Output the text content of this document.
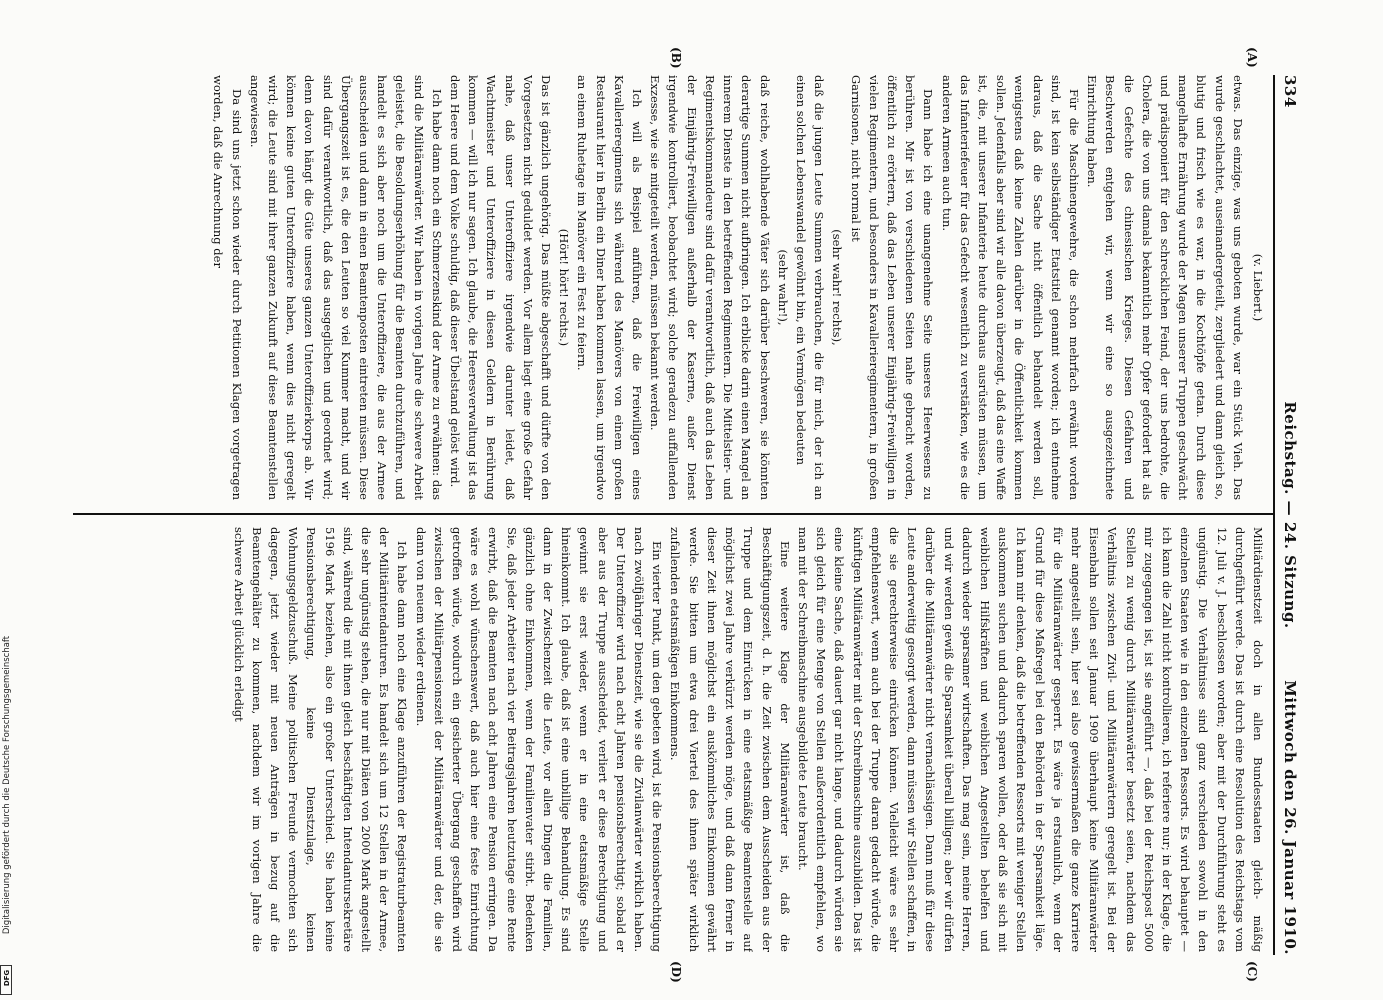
334
Reichstag. — 24. Sitzung.
Mittwoch den 26. Januar 1910.
(A)
(B)
(C)
(D)
(v. Liebert.)

etwas. Das einzige, was uns geboten wurde, war ein Stück Vieh. Das wurde geschlachtet, auseinandergeteilt, zergliedert und dann gleich so, blutig und frisch wie es war, in die Kochtöpfe getan. Durch diese mangelhafte Ernährung wurde der Magen unserer Truppen geschwächt und prädisponiert für den schrecklichen Feind, der uns bedrohte, die Cholera, die von uns damals bekanntlich mehr Opfer gefordert hat als die Gefechte des chinesischen Krieges. Diesen Gefahren und Beschwerden entgehen wir, wenn wir eine so ausgezeichnete Einrichtung haben.

Für die Maschinengewehre, die schon mehrfach erwähnt worden sind, ist kein selbständiger Etatstitel genannt worden; ich entnehme daraus, daß die Sache nicht öffentlich behandelt werden soll, wenigstens daß keine Zahlen darüber in die Öffentlichkeit kommen sollen. Jedenfalls aber sind wir alle davon überzeugt, daß das eine Waffe ist, die, mit unserer Infanterie heute durchaus ausrüsten müssen, um das Infanteriefeuer für das Gefecht wesentlich zu verstärken, wie es die anderen Armeen auch tun.

Dann habe ich eine unangenehme Seite unseres Heerwesens zu berühren. Mir ist von verschiedenen Seiten nahe gebracht worden, öffentlich zu erörtern, daß das Leben unserer Einjährig-Freiwilligen in vielen Regimentern, und besonders in Kavallerieregimentern, in großen Garnisonen, nicht normal ist

(sehr wahr! rechts),

daß die jungen Leute Summen verbrauchen, die für mich, der ich an einen solchen Lebenswandel gewöhnt bin, ein Vermögen bedeuten

(sehr wahr!),

daß reiche, wohlhabende Väter sich darüber beschweren, sie könnten derartige Summen nicht aufbringen. Ich erblicke darin einen Mangel an innerem Dienste in den betreffenden Regimentern. Die Mittelstier- und Regimentskommandeure sind dafür verantwortlich, daß auch das Leben der Einjährig-Freiwilligen außerhalb der Kaserne, außer Dienst irgendwie kontrolliert, beobachtet wird; solche geradezu auffallenden Exzesse, wie sie mitgeteilt werden, müssen bekannt werden.

Ich will als Beispiel anführen, daß die Freiwilligen eines Kavallerieregiments sich während des Manövers von einem großen Restaurant hier in Berlin ein Diner haben kommen lassen, um irgendwo an einem Ruhetage im Manöver ein Fest zu feiern.

(Hört! hört! rechts.)

Das ist gänzlich ungehörig. Das müßte abgeschafft und dürfte von den Vorgesetzten nicht geduldet werden. Vor allem liegt eine große Gefahr nahe, daß unser Unteroffiziere irgendwie darunter leidet, daß Wachtmeister und Unteroffiziere in diesen Geldern in Berührung kommen — will ich nur sagen. Ich glaube, die Heeresverwaltung ist das dem Heere und dem Volke schuldig, daß dieser Übelstand gelöst wird.

Ich habe dann noch ein Schmerzenskind der Armee zu erwähnen: das sind die Militäranwärter. Wir haben in vorigen Jahre die schwere Arbeit geleistet, die Besoldungserhöhung für die Beamten durchzuführen, und handelt es sich aber noch um die Unteroffiziere, die aus der Armee ausscheiden und dann in einen Beamtenposten eintreten müssen. Diese Übergangszeit ist es, die den Leuten so viel Kummer macht, und wir sind dafür verantwortlich, daß das ausgeglichen und geordnet wird; denn davon hängt die Güte unseres ganzen Unteroffizierkorps ab. Wir können keine guten Unteroffiziere haben, wenn dies nicht geregelt wird; die Leute sind mit ihrer ganzen Zukunft auf diese Beamtenstellen angewiesen.

Da sind uns jetzt schon wieder durch Petitionen Klagen vorgetragen worden, daß die Anrechnung der

Militärdienstzeit doch in allen Bundesstaaten gleich- mäßig durchgeführt werde. Das ist durch eine Resolution des Reichstags vom 12. Juli v. J. beschlossen worden; aber mit der Durchführung steht es ungünstig. Die Verhältnisse sind ganz verschieden sowohl in den einzelnen Staaten wie in den einzelnen Ressorts. Es wird behauptet — ich kann die Zahl nicht kontrollieren, ich referiere nur; in der Klage, die mir zugegangen ist, ist sie angeführt —, daß bei der Reichspost 5000 Stellen zu wenig durch Militäranwärter besetzt seien, nachdem das Verhältnis zwischen Zivil- und Militäranwärtern geregelt ist. Bei der Eisenbahn sollen seit Januar 1909 überhaupt keine Militäranwärter mehr angestellt sein, hier sei also gewissermaßen die ganze Karriere für die Militäranwärter gesperrt. Es wäre ja erstaunlich, wenn der Grund für diese Maßregel bei den Behörden in der Sparsamkeit läge. Ich kann mir denken, daß die betreffenden Ressorts mit weniger Stellen auskommen suchen und dadurch sparen wollen, oder daß sie sich mit weiblichen Hilfskräften und weiblichen Angestellten behelfen und dadurch wieder sparsamer wirtschaften. Das mag sein, meine Herren, und wir werden gewiß die Sparsamkeit überall billigen; aber wir dürfen darüber die Militäranwärter nicht vernachlässigen. Dann muß für diese Leute anderweitig gesorgt werden, dann müssen wir Stellen schaffen, in die sie gerechterweise einrücken können. Vielleicht wäre es sehr empfehlenswert, wenn auch bei der Truppe daran gedacht würde, die künftigen Militäranwärter mit der Schreibmaschine auszubilden. Das ist eine kleine Sache, daß dauert gar nicht lange, und dadurch würden sie sich gleich für eine Menge von Stellen außerordentlich empfehlen, wo man mit der Schreibmaschine ausgebildete Leute braucht.

Eine weitere Klage der Militäranwärter ist, daß die Beschäftigungszeit, d. h. die Zeit zwischen dem Ausscheiden aus der Truppe und dem Einrücken in eine etatsmäßige Beamtenstelle auf möglichst zwei Jahre verkürzt werden möge, und daß dann ferner in dieser Zeit ihnen möglichst ein auskömmliches Einkommen gewährt werde. Sie bitten um etwa drei Viertel des ihnen später wirklich zufallenden etatsmäßigen Einkommens.

Ein vierter Punkt, um den gebeten wird, ist die Pensionsberechtigung nach zwölfjähriger Dienstzeit, wie sie die Zivilanwärter wirklich haben. Der Unteroffizier wird nach acht Jahren pensionsberechtigt; sobald er aber aus der Truppe ausscheidet, verliert er diese Berechtigung und gewinnt sie erst wieder, wenn er in eine etatsmäßige Stelle hineinkommt. Ich glaube, daß ist eine unbillige Behandlung. Es sind dann in der Zwischenzeit die Leute, vor allen Dingen die Familien, gänzlich ohne Einkommen, wenn der Familienvater stirbt. Bedenken Sie, daß jeder Arbeiter nach vier Beitragsjahren heutzutage eine Rente erwirbt, daß die Beamten nach acht Jahren eine Pension erringen. Da wäre es wohl wünschenswert, daß auch hier eine feste Einrichtung getroffen würde, wodurch ein gesicherter Übergang geschaffen wird zwischen der Militärpensionszeit der Militäranwärter und der, die sie dann von neuem wieder erdienen.

Ich habe dann noch eine Klage anzuführen der Registraturbeamten der Militärintendanturen. Es handelt sich um 12 Stellen in der Armee, die sehr ungünstig stehen, die nur mit Diäten von 2000 Mark angestellt sind, während die mit ihnen gleich beschäftigten Intendantursekretäre 5196 Mark beziehen, also ein großer Unterschied. Sie haben keine Pensionsberechtigung, keine Dienstzulage, keinen Wohnungsgeldzuschuß. Meine politischen Freunde vermochten sich dagegen, jetzt wieder mit neuen Anträgen in bezug auf die Beamtengehälter zu kommen, nachdem wir im vorigen Jahre die schwere Arbeit glücklich erledigt

Digitalisierung gefördert durch die Deutsche Forschungsgemeinschaft
DFG
